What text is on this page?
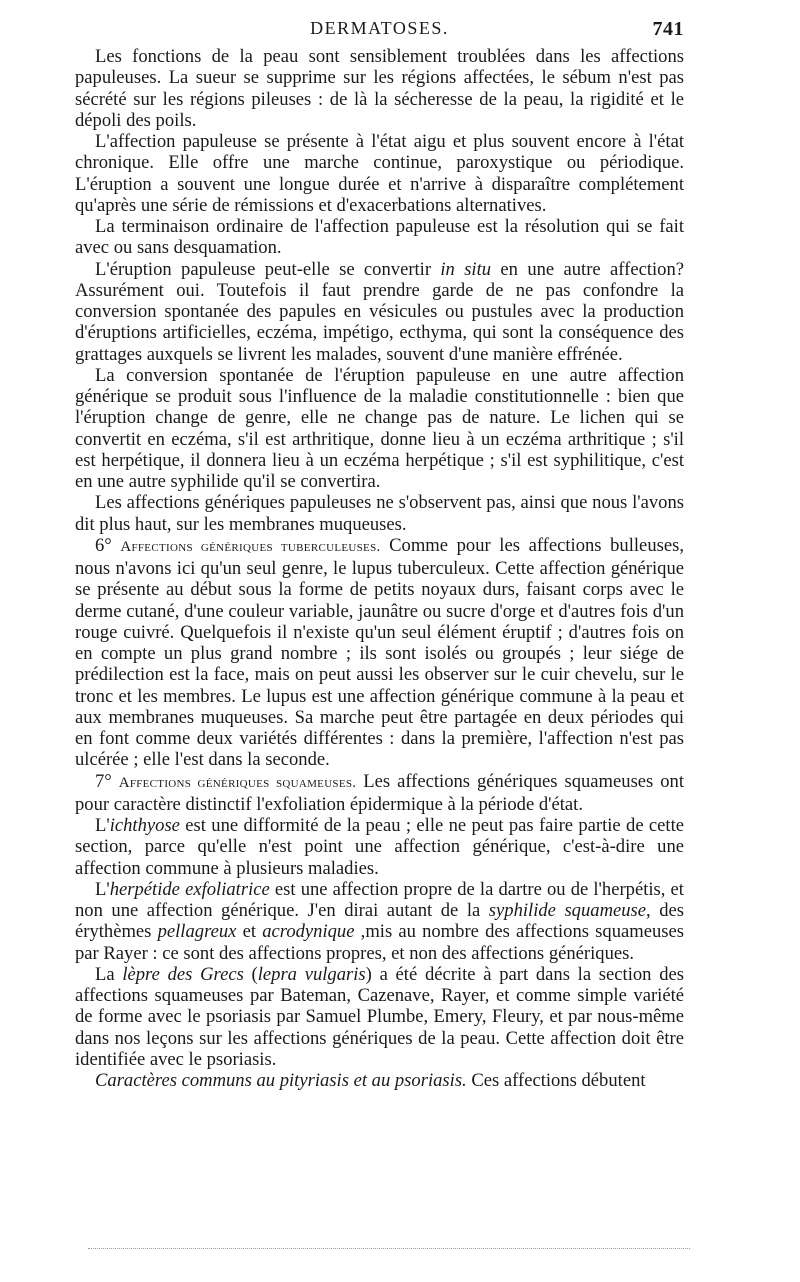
DERMATOSES.	741

Les fonctions de la peau sont sensiblement troublées dans les affections papuleuses. La sueur se supprime sur les régions affectées, le sébum n'est pas sécrété sur les régions pileuses : de là la sécheresse de la peau, la rigidité et le dépoli des poils.

L'affection papuleuse se présente à l'état aigu et plus souvent encore à l'état chronique. Elle offre une marche continue, paroxystique ou périodique. L'éruption a souvent une longue durée et n'arrive à disparaître complétement qu'après une série de rémissions et d'exacerbations alternatives.

La terminaison ordinaire de l'affection papuleuse est la résolution qui se fait avec ou sans desquamation.

L'éruption papuleuse peut-elle se convertir in situ en une autre affection? Assurément oui. Toutefois il faut prendre garde de ne pas confondre la conversion spontanée des papules en vésicules ou pustules avec la production d'éruptions artificielles, eczéma, impétigo, ecthyma, qui sont la conséquence des grattages auxquels se livrent les malades, souvent d'une manière effrénée.

La conversion spontanée de l'éruption papuleuse en une autre affection générique se produit sous l'influence de la maladie constitutionnelle : bien que l'éruption change de genre, elle ne change pas de nature. Le lichen qui se convertit en eczéma, s'il est arthritique, donne lieu à un eczéma arthritique ; s'il est herpétique, il donnera lieu à un eczéma herpétique ; s'il est syphilitique, c'est en une autre syphilide qu'il se convertira.

Les affections génériques papuleuses ne s'observent pas, ainsi que nous l'avons dit plus haut, sur les membranes muqueuses.

6° Affections génériques tuberculeuses. Comme pour les affections bulleuses, nous n'avons ici qu'un seul genre, le lupus tuberculeux. Cette affection générique se présente au début sous la forme de petits noyaux durs, faisant corps avec le derme cutané, d'une couleur variable, jaunâtre ou sucre d'orge et d'autres fois d'un rouge cuivré. Quelquefois il n'existe qu'un seul élément éruptif ; d'autres fois on en compte un plus grand nombre ; ils sont isolés ou groupés ; leur siége de prédilection est la face, mais on peut aussi les observer sur le cuir chevelu, sur le tronc et les membres. Le lupus est une affection générique commune à la peau et aux membranes muqueuses. Sa marche peut être partagée en deux périodes qui en font comme deux variétés différentes : dans la première, l'affection n'est pas ulcérée ; elle l'est dans la seconde.

7° Affections génériques squameuses. Les affections génériques squameuses ont pour caractère distinctif l'exfoliation épidermique à la période d'état.

L'ichthyose est une difformité de la peau ; elle ne peut pas faire partie de cette section, parce qu'elle n'est point une affection générique, c'est-à-dire une affection commune à plusieurs maladies.

L'herpétide exfoliatrice est une affection propre de la dartre ou de l'herpétis, et non une affection générique. J'en dirai autant de la syphilide squameuse, des érythèmes pellagreux et acrodynique ,mis au nombre des affections squameuses par Rayer : ce sont des affections propres, et non des affections génériques.

La lèpre des Grecs (lepra vulgaris) a été décrite à part dans la section des affections squameuses par Bateman, Cazenave, Rayer, et comme simple variété de forme avec le psoriasis par Samuel Plumbe, Emery, Fleury, et par nous-même dans nos leçons sur les affections génériques de la peau. Cette affection doit être identifiée avec le psoriasis.

Caractères communs au pityriasis et au psoriasis. Ces affections débutent
